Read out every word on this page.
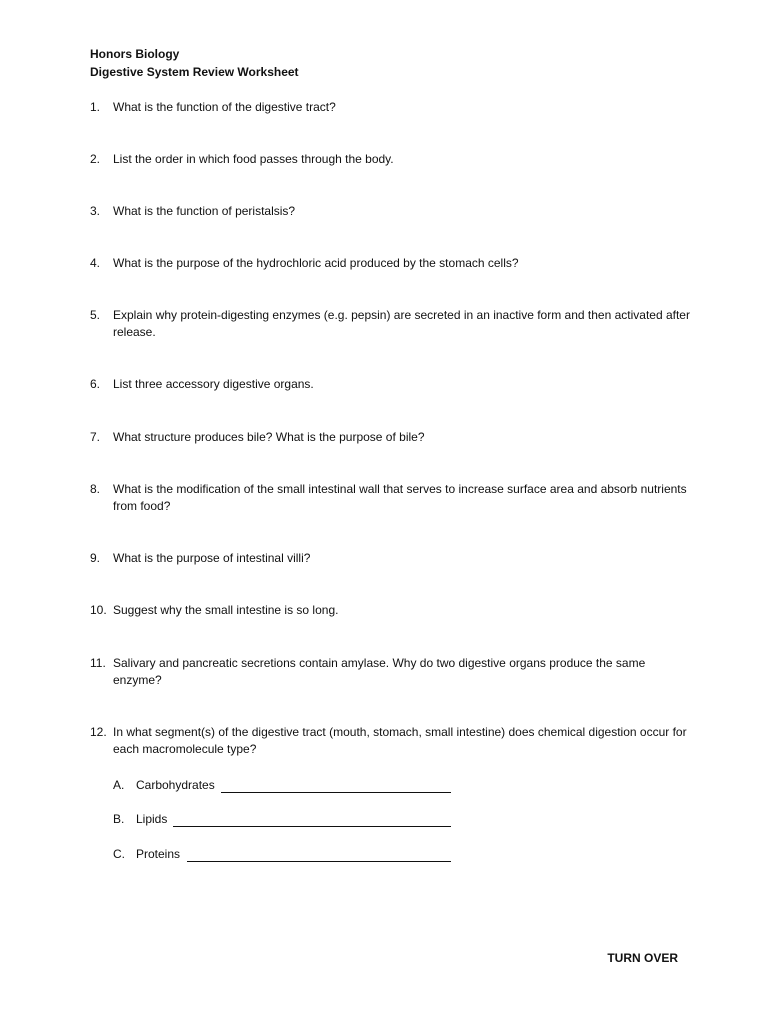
Honors Biology
Digestive System Review Worksheet
1.	What is the function of the digestive tract?
2.	List the order in which food passes through the body.
3.	What is the function of peristalsis?
4.	What is the purpose of the hydrochloric acid produced by the stomach cells?
5.	Explain why protein-digesting enzymes (e.g. pepsin) are secreted in an inactive form and then activated after release.
6.	List three accessory digestive organs.
7.	What structure produces bile? What is the purpose of bile?
8.	What is the modification of the small intestinal wall that serves to increase surface area and absorb nutrients from food?
9.	What is the purpose of intestinal villi?
10. Suggest why the small intestine is so long.
11. Salivary and pancreatic secretions contain amylase. Why do two digestive organs produce the same enzyme?
12. In what segment(s) of the digestive tract (mouth, stomach, small intestine) does chemical digestion occur for each macromolecule type?
A. Carbohydrates
B. Lipids
C. Proteins
TURN OVER
